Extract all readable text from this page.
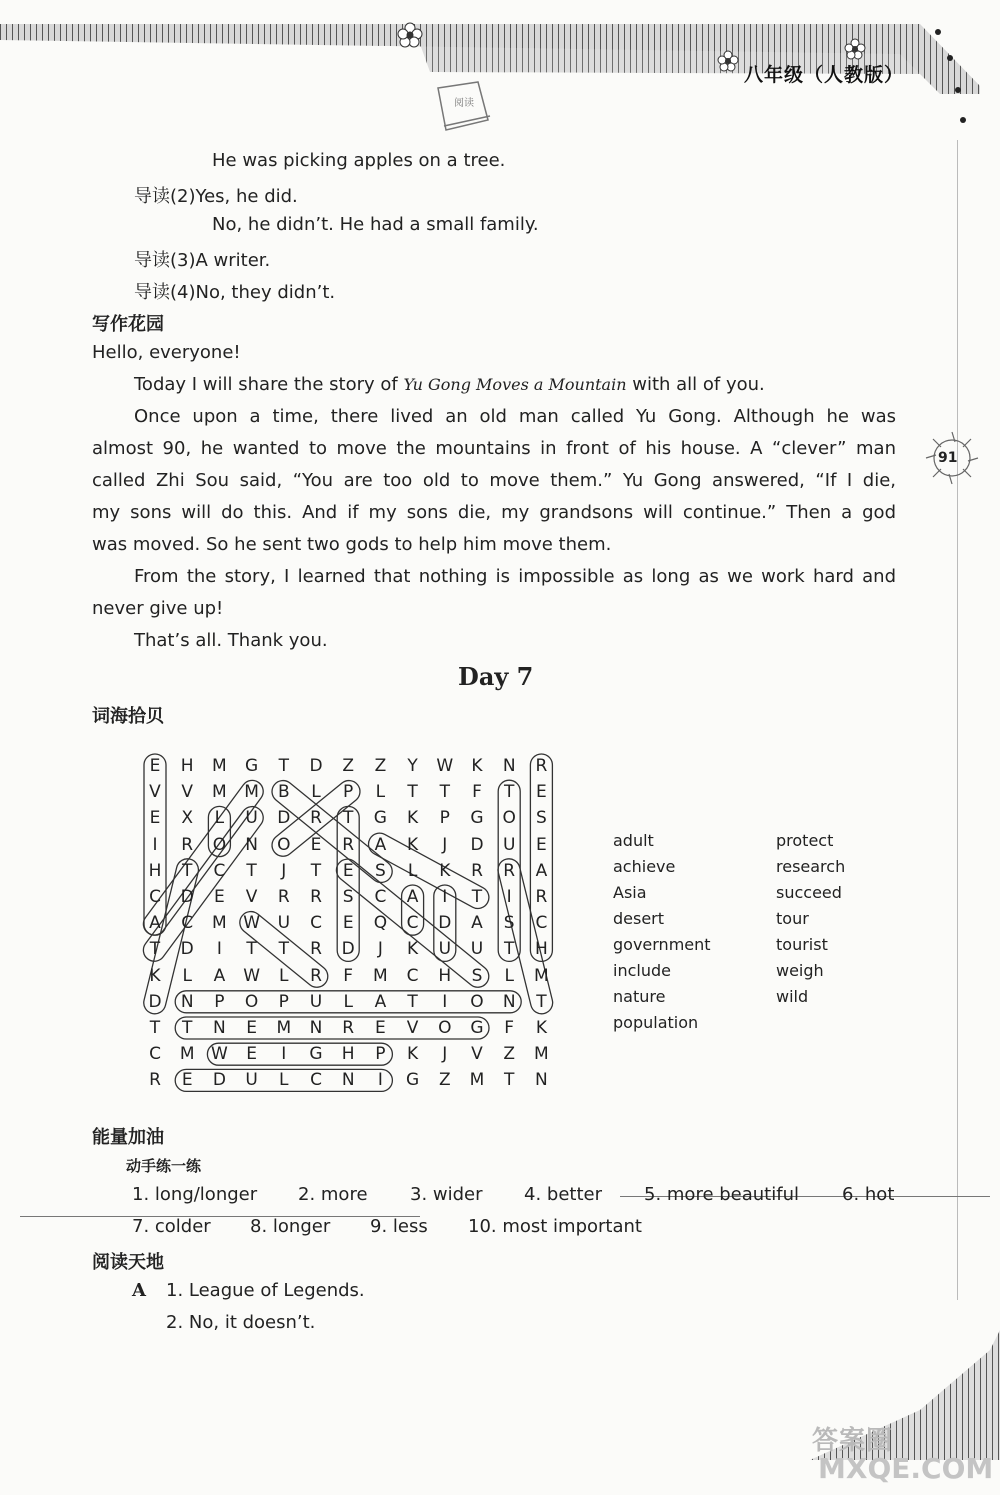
八年级（人教版）
阅读
91
He was picking apples on a tree.
导读(2)Yes, he did.
No, he didn’t. He had a small family.
导读(3)A writer.
导读(4)No, they didn’t.
写作花园
Hello, everyone!
Today I will share the story of Yu Gong Moves a Mountain with all of you.
Once upon a time, there lived an old man called Yu Gong. Although he was
almost 90, he wanted to move the mountains in front of his house. A “clever” man
called Zhi Sou said, “You are too old to move them.” Yu Gong answered, “If I die,
my sons will do this. And if my sons die, my grandsons will continue.” Then a god
was moved. So he sent two gods to help him move them.
From the story, I learned that nothing is impossible as long as we work hard and
never give up!
That’s all. Thank you.
Day 7
词海拾贝
E	H	M	G	T	D	Z	Z	Y	W	K	N	R
V	V	M	M	B	L	P	L	T	T	F	T	E
E	X	L	U	D	R	T	G	K	P	G	O	S
I	R	O	N	O	E	R	A	K	J	D	U	E
H	T	C	T	J	T	E	S	L	K	R	R	A
C	D	E	V	R	R	S	C	A	I	T	I	R
A	C	M W	U	C	E	Q	C	D	A	S	C
T	D	I	T	T	R	D	J	K	U	U	T	H
K	L	A	W	L	R	F	M	C	H	S	L	M
D	N	P	O	P	U	L	A	T	I	O	N	T
T	T	N	E	M	N	R	E	V	O	G	F	K
C	M W	E	I	G	H	P	K	J	V	Z	M
R	E	D	U	L	C	N	I	G	Z	M	T	N
adult
achieve
Asia
desert
government
include
nature
population
protect
research
succeed
tour
tourist
weigh
wild
能量加油
动手练一练
1. long/longer 2. more 3. wider 4. better 5. more beautiful 6. hot
7. colder 8. longer 9. less 10. most important
阅读天地
A 1. League of Legends.
2. No, it doesn’t.
答案圈
MXQE.COM
